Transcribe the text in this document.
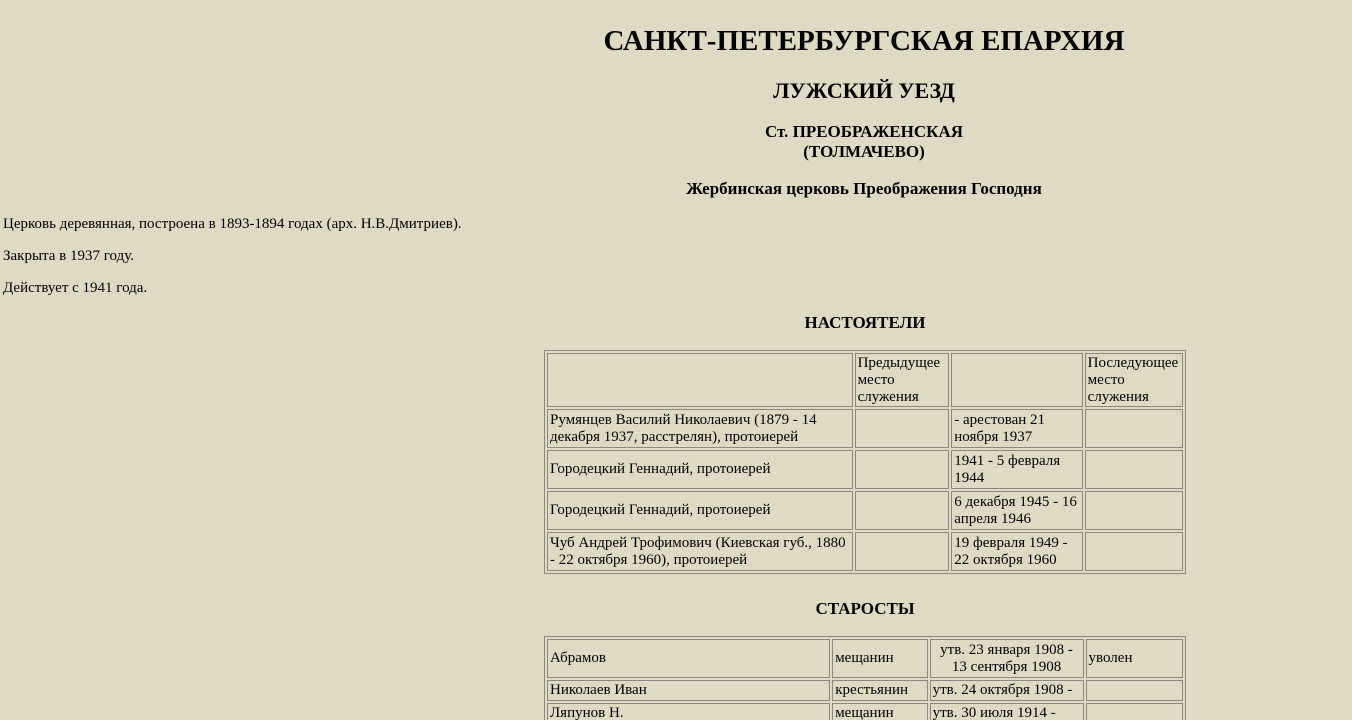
САНКТ-ПЕТЕРБУРГСКАЯ ЕПАРХИЯ
ЛУЖСКИЙ УЕЗД
Ст. ПРЕОБРАЖЕНСКАЯ
(ТОЛМАЧЕВО)
Жербинская церковь Преображения Господня
Церковь деревянная, построена в 1893-1894 годах (арх. Н.В.Дмитриев).
Закрыта в 1937 году.
Действует с 1941 года.
НАСТОЯТЕЛИ
	Предыдущее место служения		Последующее место служения
Румянцев Василий Николаевич (1879 - 14 декабря 1937, расстрелян), протоиерей		- арестован 21 ноября 1937	
Городецкий Геннадий, протоиерей		1941 - 5 февраля 1944	
Городецкий Геннадий, протоиерей		6 декабря 1945 - 16 апреля 1946	
Чуб Андрей Трофимович (Киевская губ., 1880 - 22 октября 1960), протоиерей		19 февраля 1949 - 22 октября 1960	
СТАРОСТЫ
Абрамов	мещанин	утв. 23 января 1908 - 13 сентября 1908	уволен
Николаев Иван	крестьянин	утв. 24 октября 1908 -	
Ляпунов Н.	мещанин	утв. 30 июля 1914 -	
